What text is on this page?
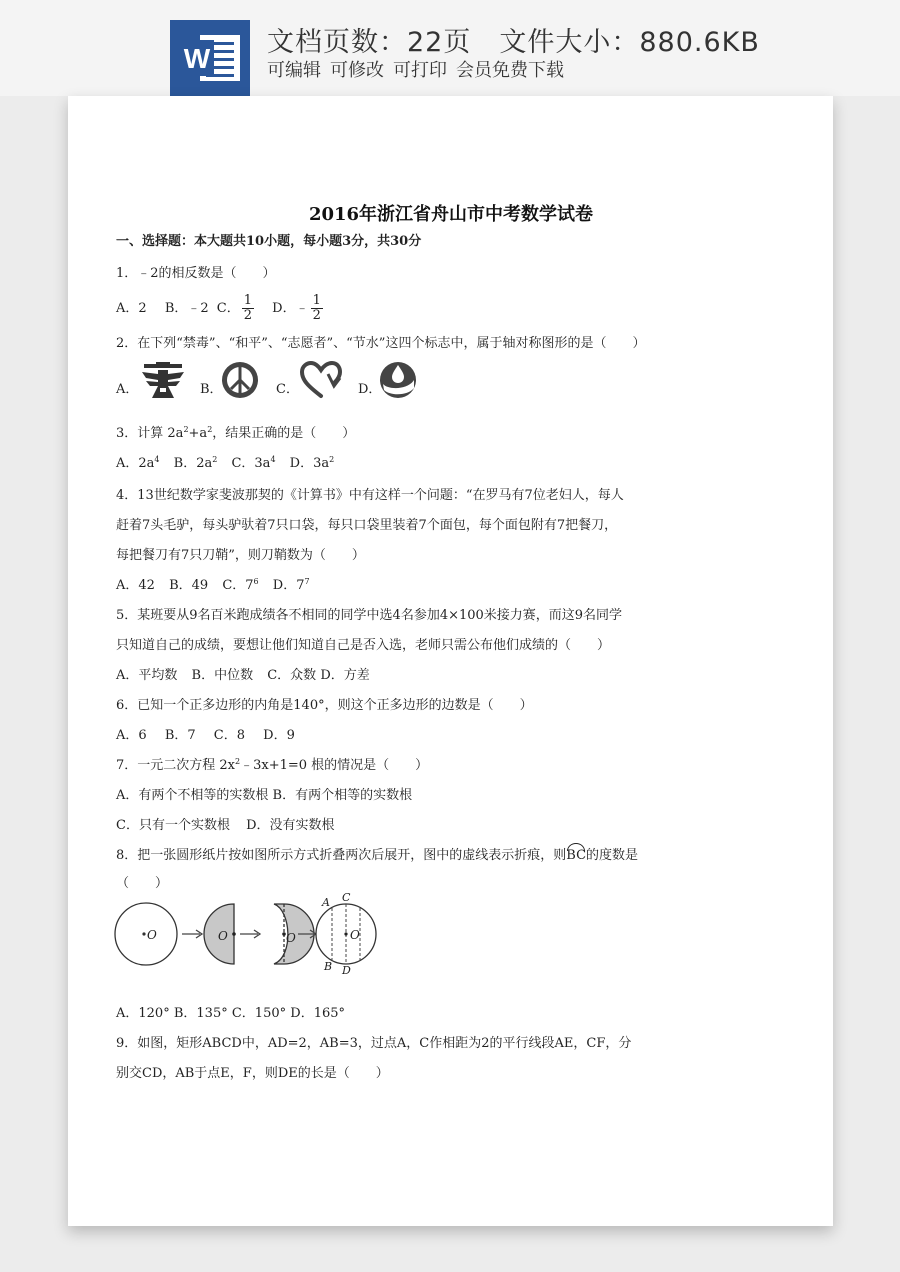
W
文档页数：22页 文件大小：880.6KB
可编辑 可修改 可打印 会员免费下载
2016年浙江省舟山市中考数学试卷
一、选择题：本大题共10小题，每小题3分，共30分
1．﹣2的相反数是（　　）
A．2 B．﹣2 C． $\frac{1}{2}$ D．﹣ $\frac{1}{2}$
2．在下列“禁毒”、“和平”、“志愿者”、“节水”这四个标志中，属于轴对称图形的是（　　）
A．	B．	C．	D．
3．计算 $2a^2+a^2$，结果正确的是（　　）
A．$2a^4$ B．$2a^2$ C．$3a^4$ D．$3a^2$
4．13世纪数学家斐波那契的《计算书》中有这样一个问题：“在罗马有7位老妇人，每人
赶着7头毛驴，每头驴驮着7只口袋，每只口袋里装着7个面包，每个面包附有7把餐刀，
每把餐刀有7只刀鞘”，则刀鞘数为（　　）
A．42 B．49 C．$7^6$ D．$7^7$
5．某班要从9名百米跑成绩各不相同的同学中选4名参加4×100米接力赛，而这9名同学
只知道自己的成绩，要想让他们知道自己是否入选，老师只需公布他们成绩的（　　）
A．平均数 B．中位数 C．众数 D．方差
6．已知一个正多边形的内角是140°，则这个正多边形的边数是（　　）
A．6 B．7 C．8 D．9
7．一元二次方程 $2x^2﹣3x+1=0$ 根的情况是（　　）
A．有两个不相等的实数根 B．有两个相等的实数根
C．只有一个实数根 D．没有实数根
8．把一张圆形纸片按如图所示方式折叠两次后展开，图中的虚线表示折痕，则BC的度数是
（　　）
O	O	O	O
A C
B D
A．120° B．135° C．150° D．165°
9．如图，矩形ABCD中，AD=2，AB=3，过点A，C作相距为2的平行线段AE，CF，分
别交CD，AB于点E，F，则DE的长是（　　）
